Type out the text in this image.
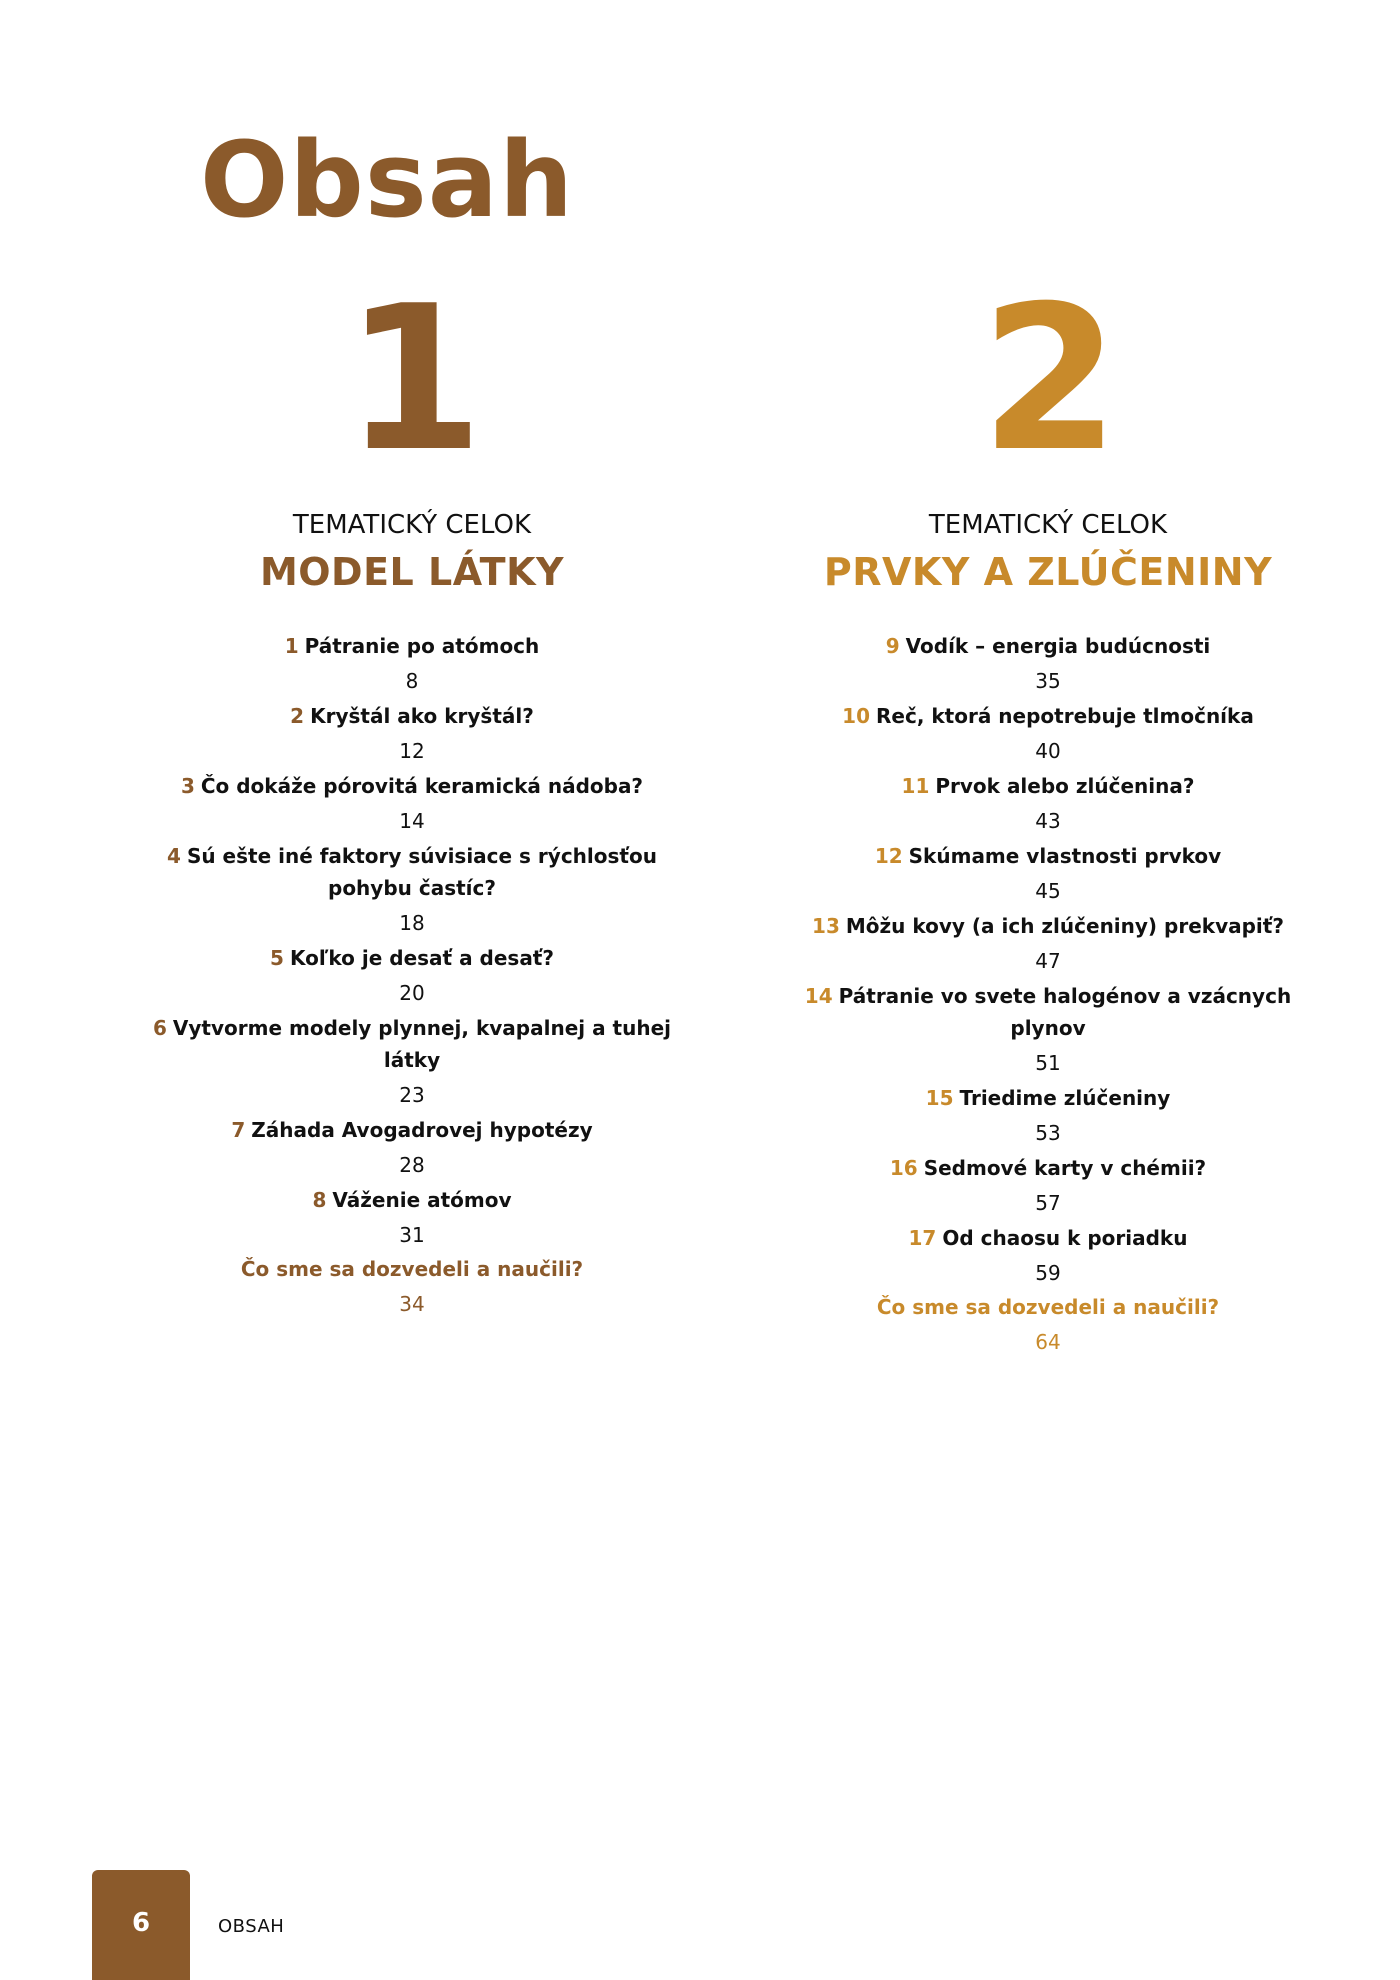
Obsah
1
TEMATICKÝ CELOK
MODEL LÁTKY
1 Pátranie po atómoch
8
2 Kryštál ako kryštál?
12
3 Čo dokáže pórovitá keramická nádoba?
14
4 Sú ešte iné faktory súvisiace s rýchlosťou pohybu častíc?
18
5 Koľko je desať a desať?
20
6 Vytvorme modely plynnej, kvapalnej a tuhej látky
23
7 Záhada Avogadrovej hypotézy
28
8 Váženie atómov
31
Čo sme sa dozvedeli a naučili?
34
2
TEMATICKÝ CELOK
PRVKY A ZLÚČENINY
9 Vodík – energia budúcnosti
35
10 Reč, ktorá nepotrebuje tlmočníka
40
11 Prvok alebo zlúčenina?
43
12 Skúmame vlastnosti prvkov
45
13 Môžu kovy (a ich zlúčeniny) prekvapiť?
47
14 Pátranie vo svete halogénov a vzácnych plynov
51
15 Triedime zlúčeniny
53
16 Sedmové karty v chémii?
57
17 Od chaosu k poriadku
59
Čo sme sa dozvedeli a naučili?
64
6	OBSAH
